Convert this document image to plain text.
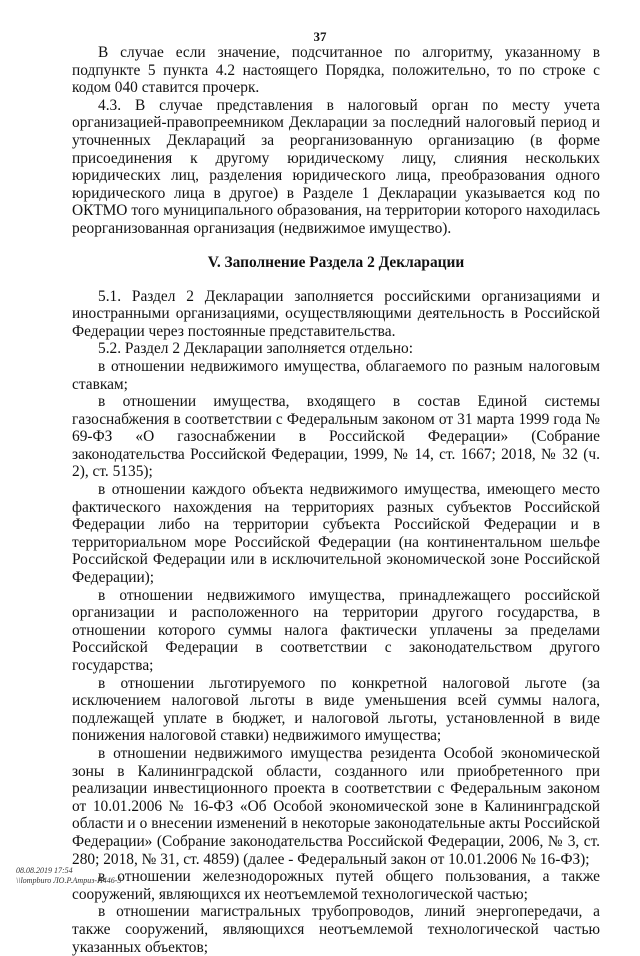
37

В случае если значение, подсчитанное по алгоритму, указанному в подпункте 5 пункта 4.2 настоящего Порядка, положительно, то по строке с кодом 040 ставится прочерк.

4.3. В случае представления в налоговый орган по месту учета организацией-правопреемником Декларации за последний налоговый период и уточненных Деклараций за реорганизованную организацию (в форме присоединения к другому юридическому лицу, слияния нескольких юридических лиц, разделения юридического лица, преобразования одного юридического лица в другое) в Разделе 1 Декларации указывается код по ОКТМО того муниципального образования, на территории которого находилась реорганизованная организация (недвижимое имущество).

V. Заполнение Раздела 2 Декларации

5.1. Раздел 2 Декларации заполняется российскими организациями и иностранными организациями, осуществляющими деятельность в Российской Федерации через постоянные представительства.

5.2. Раздел 2 Декларации заполняется отдельно:

в отношении недвижимого имущества, облагаемого по разным налоговым ставкам;

в отношении имущества, входящего в состав Единой системы газоснабжения в соответствии с Федеральным законом от 31 марта 1999 года № 69-ФЗ «О газоснабжении в Российской Федерации» (Собрание законодательства Российской Федерации, 1999, № 14, ст. 1667; 2018, № 32 (ч. 2), ст. 5135);

в отношении каждого объекта недвижимого имущества, имеющего место фактического нахождения на территориях разных субъектов Российской Федерации либо на территории субъекта Российской Федерации и в территориальном море Российской Федерации (на континентальном шельфе Российской Федерации или в исключительной экономической зоне Российской Федерации);

в отношении недвижимого имущества, принадлежащего российской организации и расположенного на территории другого государства, в отношении которого суммы налога фактически уплачены за пределами Российской Федерации в соответствии с законодательством другого государства;

в отношении льготируемого по конкретной налоговой льготе (за исключением налоговой льготы в виде уменьшения всей суммы налога, подлежащей уплате в бюджет, и налоговой льготы, установленной в виде понижения налоговой ставки) недвижимого имущества;

в отношении недвижимого имущества резидента Особой экономической зоны в Калининградской области, созданного или приобретенного при реализации инвестиционного проекта в соответствии с Федеральным законом от 10.01.2006 № 16-ФЗ «Об Особой экономической зоне в Калининградской области и о внесении изменений в некоторые законодательные акты Российской Федерации» (Собрание законодательства Российской Федерации, 2006, № 3, ст. 280; 2018, № 31, ст. 4859) (далее - Федеральный закон от 10.01.2006 № 16-ФЗ);

в отношении железнодорожных путей общего пользования, а также сооружений, являющихся их неотъемлемой технологической частью;

в отношении магистральных трубопроводов, линий энергопередачи, а также сооружений, являющихся неотъемлемой технологической частью указанных объектов;

08.08.2019 17:54
\\lompburo ЛО.Р.Атриз-И446-3
